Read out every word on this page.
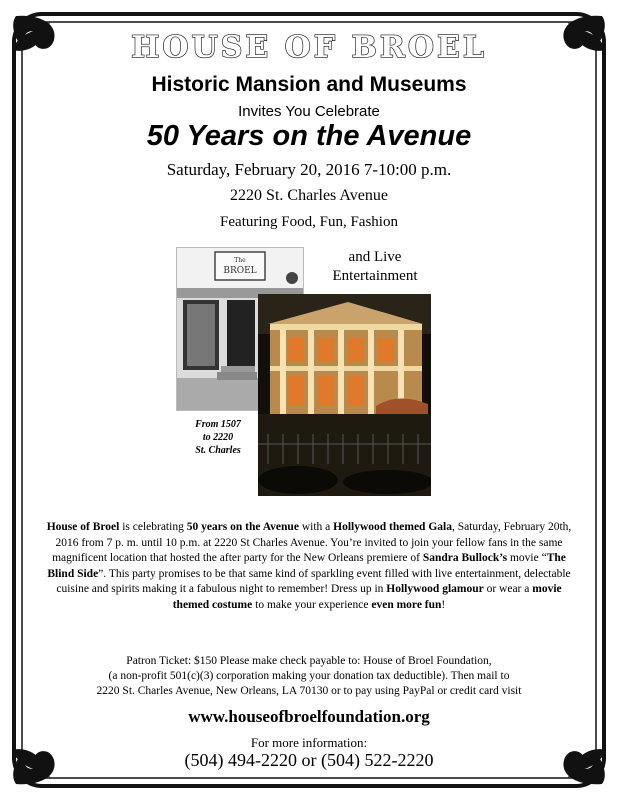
HOUSE OF BROEL
Historic Mansion and Museums
Invites You Celebrate
50 Years on the Avenue
Saturday, February 20, 2016 7-10:00 p.m.
2220 St. Charles Avenue
Featuring Food, Fun, Fashion
and Live
Entertainment
The
BROEL
From 1507
to 2220
St. Charles
House of Broel is celebrating 50 years on the Avenue with a Hollywood themed Gala, Saturday, February 20th, 2016 from 7 p. m. until 10 p.m. at 2220 St Charles Avenue. You’re invited to join your fellow fans in the same magnificent location that hosted the after party for the New Orleans premiere of Sandra Bullock’s movie “The Blind Side”. This party promises to be that same kind of sparkling event filled with live entertainment, delectable cuisine and spirits making it a fabulous night to remember! Dress up in Hollywood glamour or wear a movie themed costume to make your experience even more fun!
Patron Ticket: $150 Please make check payable to: House of Broel Foundation,
(a non-profit 501(c)(3) corporation making your donation tax deductible). Then mail to
2220 St. Charles Avenue, New Orleans, LA 70130 or to pay using PayPal or credit card visit
www.houseofbroelfoundation.org
For more information:
(504) 494-2220 or (504) 522-2220
